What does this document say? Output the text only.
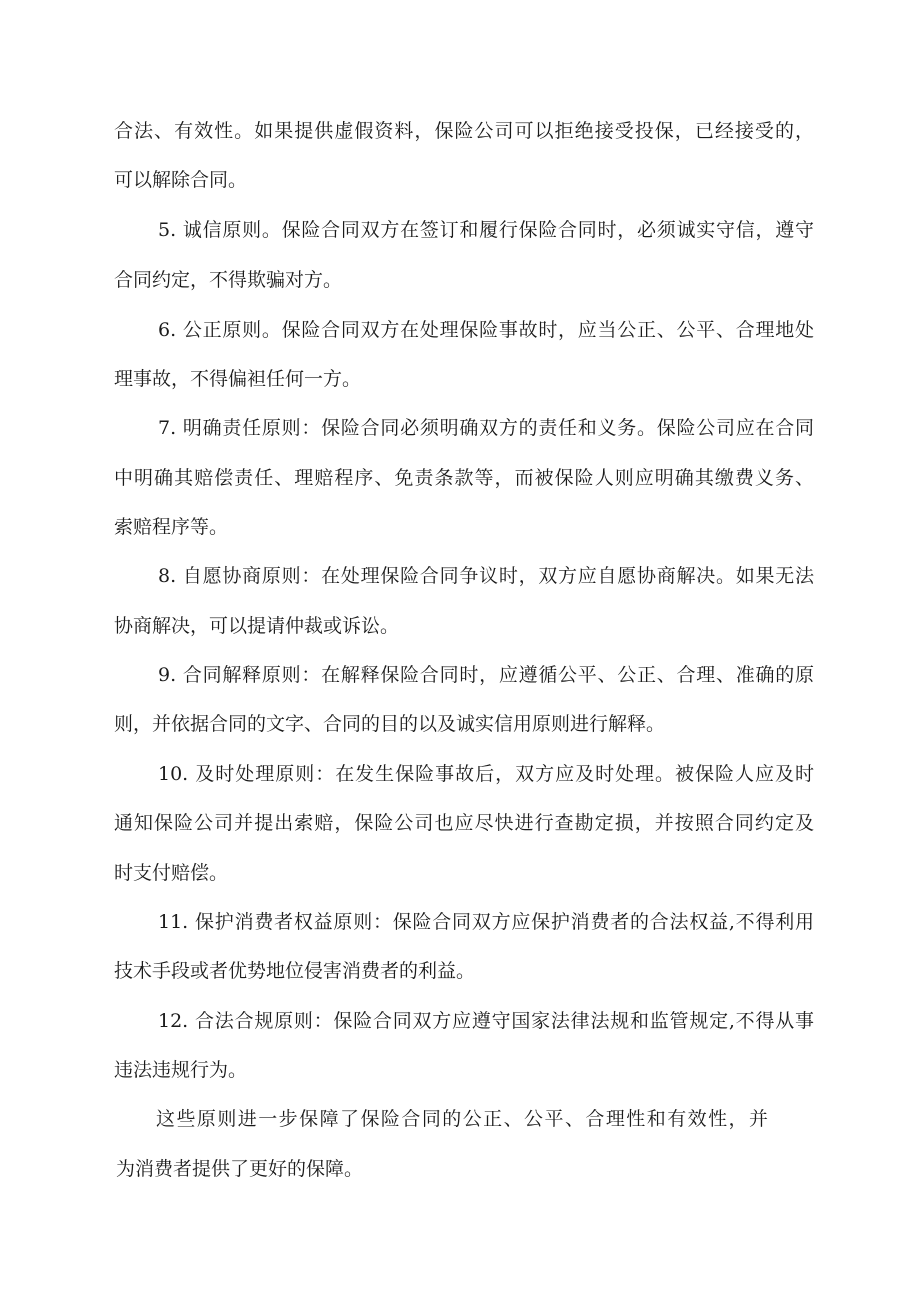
合法、有效性。如果提供虚假资料，保险公司可以拒绝接受投保，已经接受的，
可以解除合同。
5. 诚信原则。保险合同双方在签订和履行保险合同时，必须诚实守信，遵守
合同约定，不得欺骗对方。
6. 公正原则。保险合同双方在处理保险事故时，应当公正、公平、合理地处
理事故，不得偏袒任何一方。
7. 明确责任原则：保险合同必须明确双方的责任和义务。保险公司应在合同
中明确其赔偿责任、理赔程序、免责条款等，而被保险人则应明确其缴费义务、
索赔程序等。
8. 自愿协商原则：在处理保险合同争议时，双方应自愿协商解决。如果无法
协商解决，可以提请仲裁或诉讼。
9. 合同解释原则：在解释保险合同时，应遵循公平、公正、合理、准确的原
则，并依据合同的文字、合同的目的以及诚实信用原则进行解释。
10. 及时处理原则：在发生保险事故后，双方应及时处理。被保险人应及时
通知保险公司并提出索赔，保险公司也应尽快进行查勘定损，并按照合同约定及
时支付赔偿。
11. 保护消费者权益原则：保险合同双方应保护消费者的合法权益,不得利用
技术手段或者优势地位侵害消费者的利益。
12. 合法合规原则：保险合同双方应遵守国家法律法规和监管规定,不得从事
违法违规行为。
这些原则进一步保障了保险合同的公正、公平、合理性和有效性，并
为消费者提供了更好的保障。
